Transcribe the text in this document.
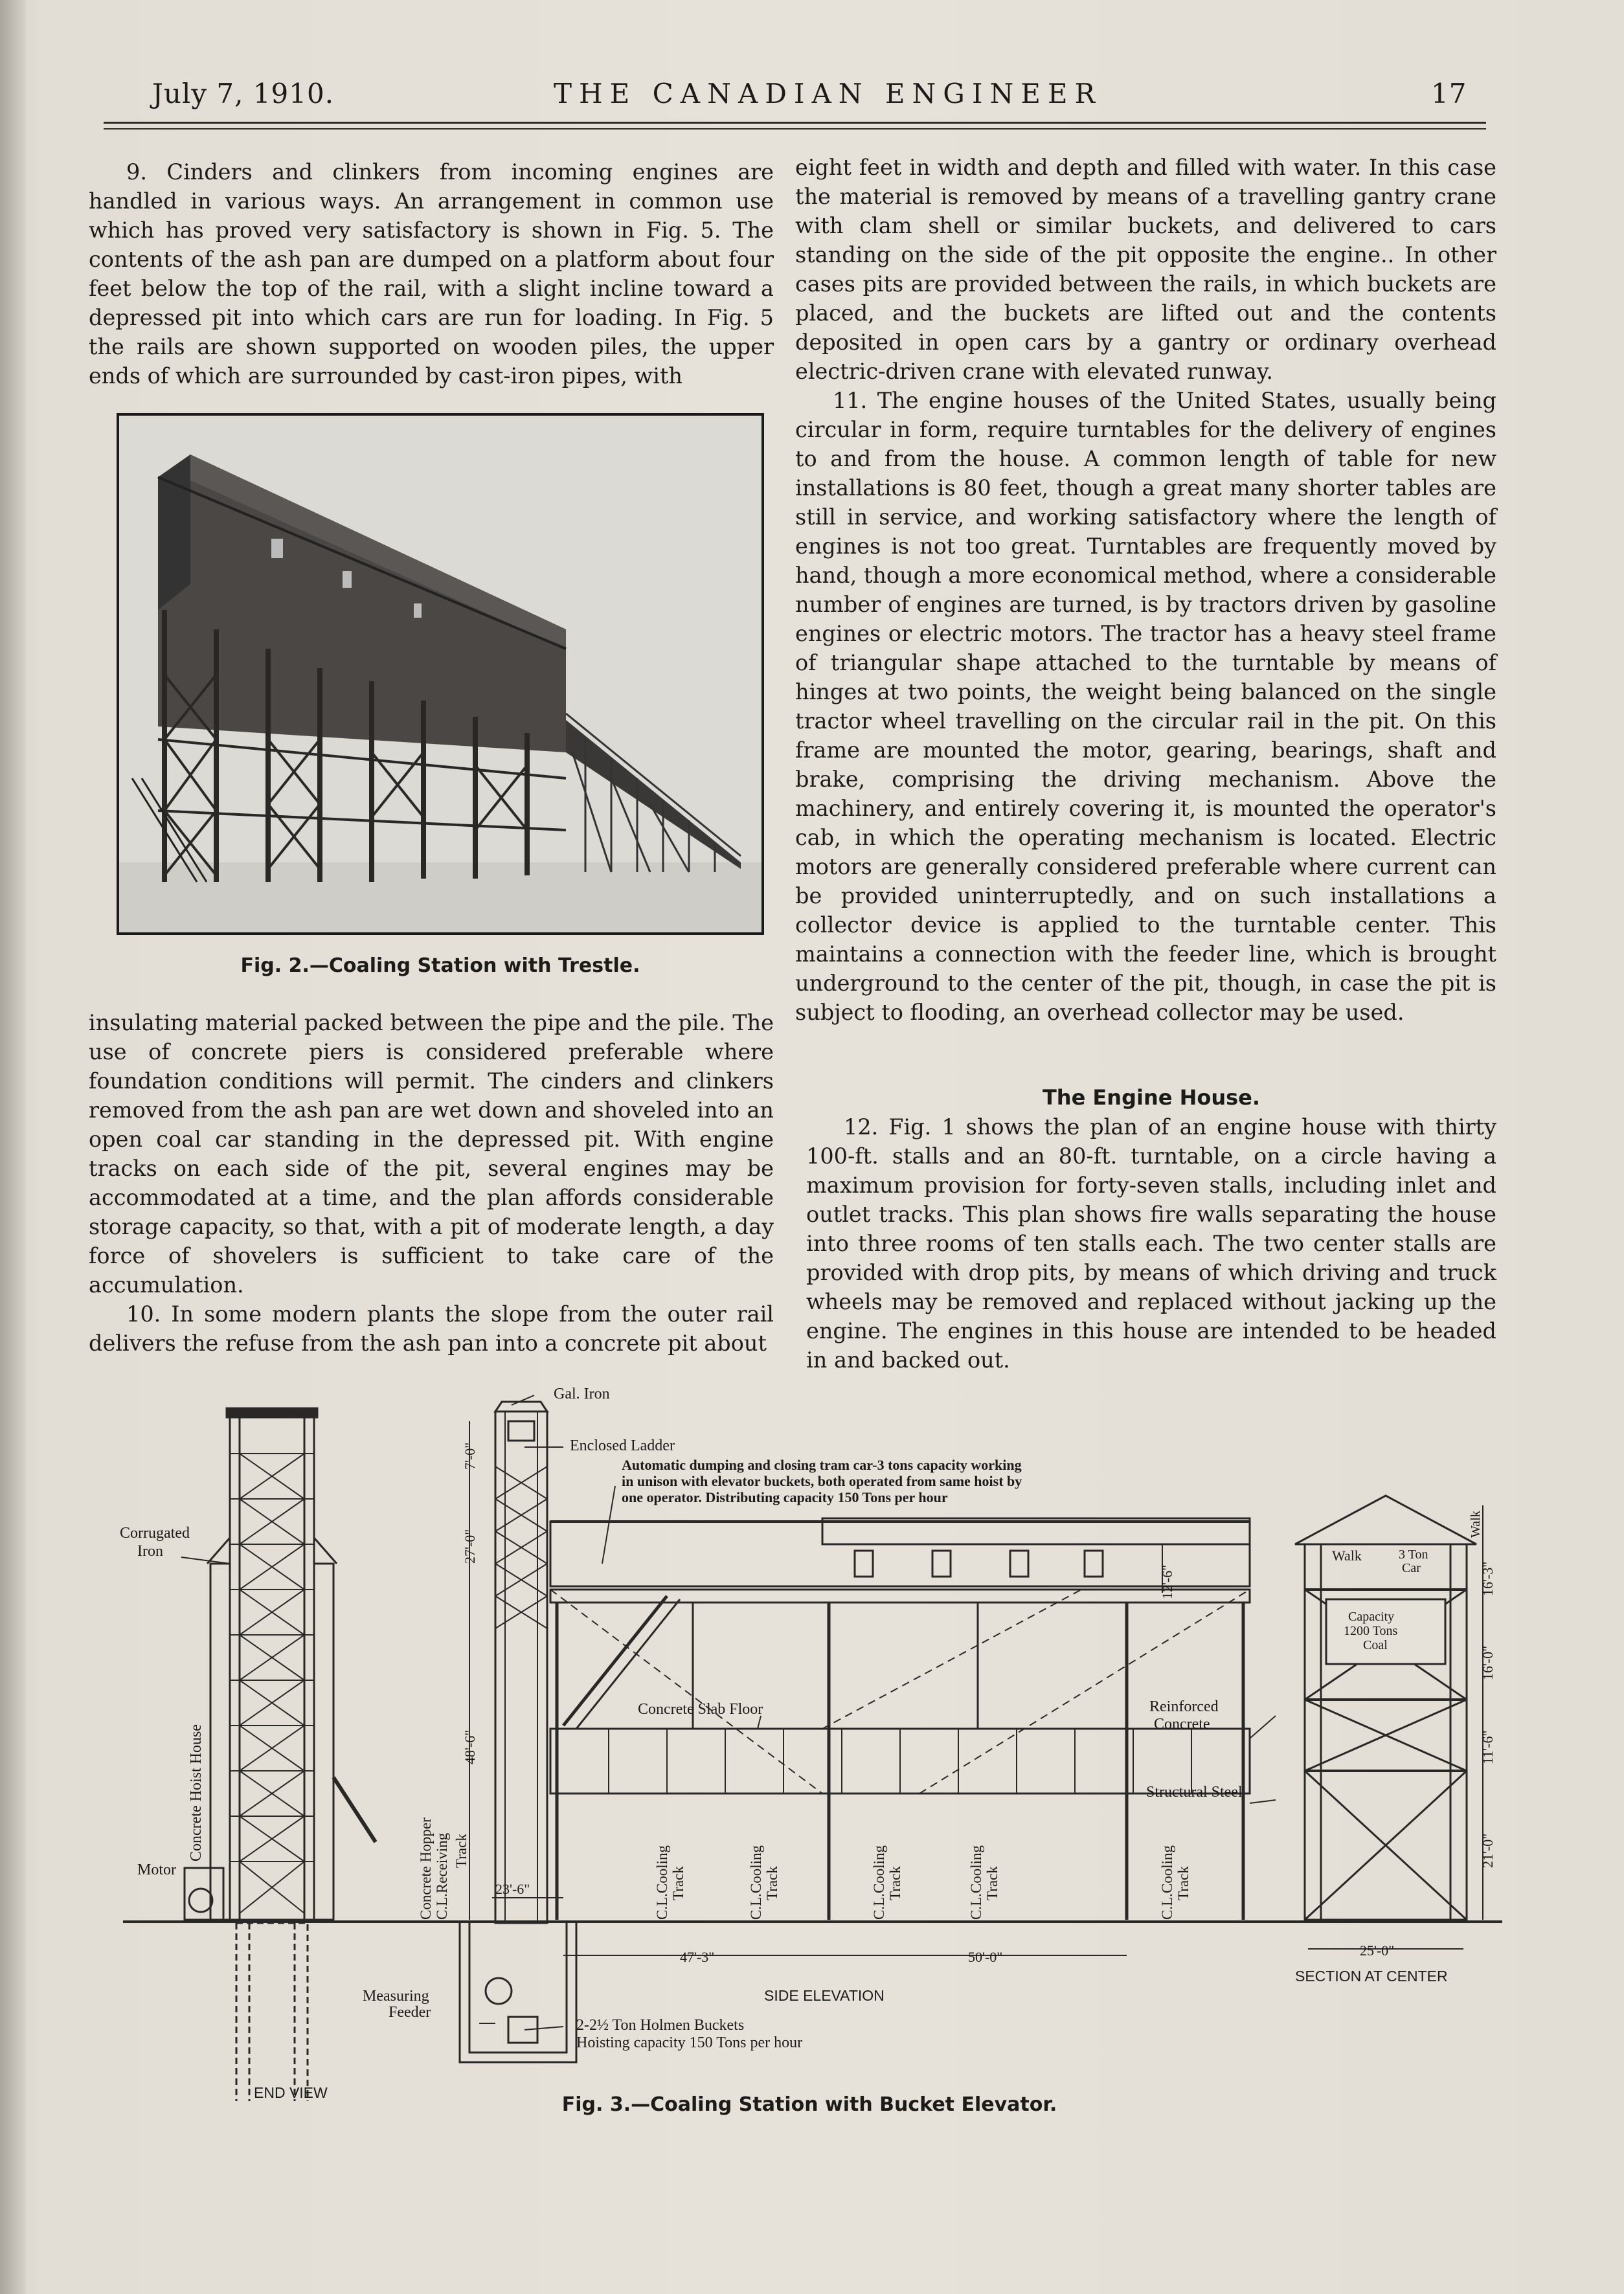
July 7, 1910.	THE CANADIAN ENGINEER	17

9. Cinders and clinkers from incoming engines are handled in various ways. An arrangement in common use which has proved very satisfactory is shown in Fig. 5. The contents of the ash pan are dumped on a platform about four feet below the top of the rail, with a slight incline toward a depressed pit into which cars are run for loading. In Fig. 5 the rails are shown supported on wooden piles, the upper ends of which are surrounded by cast-iron pipes, with

Fig. 2.—Coaling Station with Trestle.

insulating material packed between the pipe and the pile. The use of concrete piers is considered preferable where foundation conditions will permit. The cinders and clinkers removed from the ash pan are wet down and shoveled into an open coal car standing in the depressed pit. With engine tracks on each side of the pit, several engines may be accommodated at a time, and the plan affords considerable storage capacity, so that, with a pit of moderate length, a day force of shovelers is sufficient to take care of the accumulation.

10. In some modern plants the slope from the outer rail delivers the refuse from the ash pan into a concrete pit about

eight feet in width and depth and filled with water. In this case the material is removed by means of a travelling gantry crane with clam shell or similar buckets, and delivered to cars standing on the side of the pit opposite the engine.. In other cases pits are provided between the rails, in which buckets are placed, and the buckets are lifted out and the contents deposited in open cars by a gantry or ordinary overhead electric-driven crane with elevated runway.

11. The engine houses of the United States, usually being circular in form, require turntables for the delivery of engines to and from the house. A common length of table for new installations is 80 feet, though a great many shorter tables are still in service, and working satisfactory where the length of engines is not too great. Turntables are frequently moved by hand, though a more economical method, where a considerable number of engines are turned, is by tractors driven by gasoline engines or electric motors. The tractor has a heavy steel frame of triangular shape attached to the turntable by means of hinges at two points, the weight being balanced on the single tractor wheel travelling on the circular rail in the pit. On this frame are mounted the motor, gearing, bearings, shaft and brake, comprising the driving mechanism. Above the machinery, and entirely covering it, is mounted the operator's cab, in which the operating mechanism is located. Electric motors are generally considered preferable where current can be provided uninterruptedly, and on such installations a collector device is applied to the turntable center. This maintains a connection with the feeder line, which is brought underground to the center of the pit, though, in case the pit is subject to flooding, an overhead collector may be used.

The Engine House.

12. Fig. 1 shows the plan of an engine house with thirty 100-ft. stalls and an 80-ft. turntable, on a circle having a maximum provision for forty-seven stalls, including inlet and outlet tracks. This plan shows fire walls separating the house into three rooms of ten stalls each. The two center stalls are provided with drop pits, by means of which driving and truck wheels may be removed and replaced without jacking up the engine. The engines in this house are intended to be headed in and backed out.

Corrugated
Iron
Concrete Hoist House
Motor
END VIEW
Gal. Iron
Enclosed Ladder
Automatic dumping and closing tram car-3 tons capacity working
in unison with elevator buckets, both operated from same hoist by
one operator. Distributing capacity 150 Tons per hour
Concrete Slab Floor	Reinforced
Concrete
Structural Steel
Concrete Hopper C.L.Receiving Track	C.L.Cooling Track	C.L.Cooling Track	C.L.Cooling Track	C.L.Cooling Track	C.L.Cooling Track
Measuring
Feeder
2-2½ Ton Holmen Buckets
Hoisting capacity 150 Tons per hour
SIDE ELEVATION
Walk	3 Ton
Car
Walk
Capacity
1200 Tons
Coal
SECTION AT CENTER
7'-0"
27'-0"
48'-6"
12'-6"
23'-6"
47'-3"	50'-0"
16'-3"
16'-0"
11'-6"
21'-0"
25'-0"
Fig. 3.—Coaling Station with Bucket Elevator.
